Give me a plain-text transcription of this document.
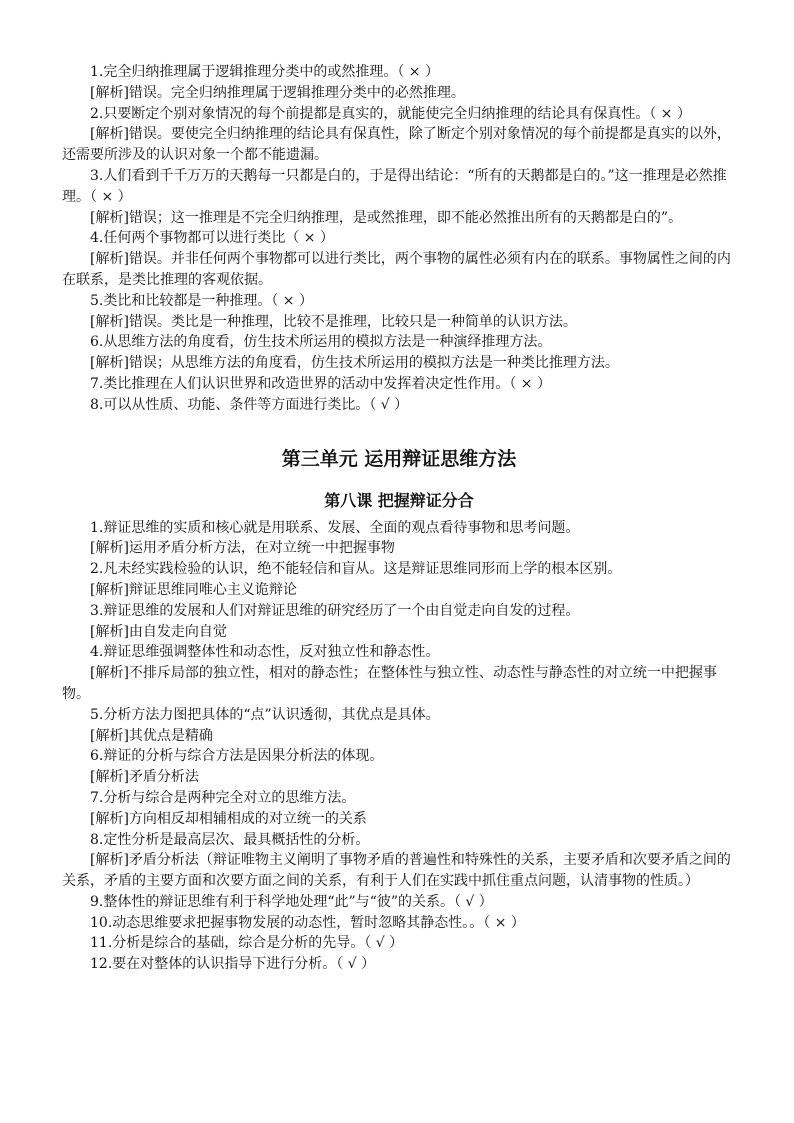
1.完全归纳推理属于逻辑推理分类中的或然推理。（ × ）

[解析]错误。完全归纳推理属于逻辑推理分类中的必然推理。

2.只要断定个别对象情况的每个前提都是真实的，就能使完全归纳推理的结论具有保真性。（ × ）

[解析]错误。要使完全归纳推理的结论具有保真性，除了断定个别对象情况的每个前提都是真实的以外，还需要所涉及的认识对象一个都不能遗漏。

3.人们看到千千万万的天鹅每一只都是白的，于是得出结论：“所有的天鹅都是白的。”这一推理是必然推理。（ × ）

[解析]错误；这一推理是不完全归纳推理，是或然推理，即不能必然推出所有的天鹅都是白的”。

4.任何两个事物都可以进行类比（ × ）

[解析]错误。并非任何两个事物都可以进行类比，两个事物的属性必须有内在的联系。事物属性之间的内在联系，是类比推理的客观依据。

5.类比和比较都是一种推理。（ × ）

[解析]错误。类比是一种推理，比较不是推理，比较只是一种简单的认识方法。

6.从思维方法的角度看，仿生技术所运用的模拟方法是一种演绎推理方法。

[解析]错误；从思维方法的角度看，仿生技术所运用的模拟方法是一种类比推理方法。

7.类比推理在人们认识世界和改造世界的活动中发挥着决定性作用。（ × ）

8.可以从性质、功能、条件等方面进行类比。（ √ ）

第三单元 运用辩证思维方法
第八课 把握辩证分合

1.辩证思维的实质和核心就是用联系、发展、全面的观点看待事物和思考问题。

[解析]运用矛盾分析方法，在对立统一中把握事物

2.凡未经实践检验的认识，绝不能轻信和盲从。这是辩证思维同形而上学的根本区别。

[解析]辩证思维同唯心主义诡辩论

3.辩证思维的发展和人们对辩证思维的研究经历了一个由自觉走向自发的过程。

[解析]由自发走向自觉

4.辩证思维强调整体性和动态性，反对独立性和静态性。

[解析]不排斥局部的独立性，相对的静态性；在整体性与独立性、动态性与静态性的对立统一中把握事物。

5.分析方法力图把具体的“点”认识透彻，其优点是具体。

[解析]其优点是精确

6.辩证的分析与综合方法是因果分析法的体现。

[解析]矛盾分析法

7.分析与综合是两种完全对立的思维方法。

[解析]方向相反却相辅相成的对立统一的关系

8.定性分析是最高层次、最具概括性的分析。

[解析]矛盾分析法（辩证唯物主义阐明了事物矛盾的普遍性和特殊性的关系，主要矛盾和次要矛盾之间的关系，矛盾的主要方面和次要方面之间的关系，有利于人们在实践中抓住重点问题，认清事物的性质。）

9.整体性的辩证思维有利于科学地处理“此”与“彼”的关系。（ √ ）

10.动态思维要求把握事物发展的动态性，暂时忽略其静态性。。（ × ）

11.分析是综合的基础，综合是分析的先导。（ √ ）

12.要在对整体的认识指导下进行分析。（ √ ）
